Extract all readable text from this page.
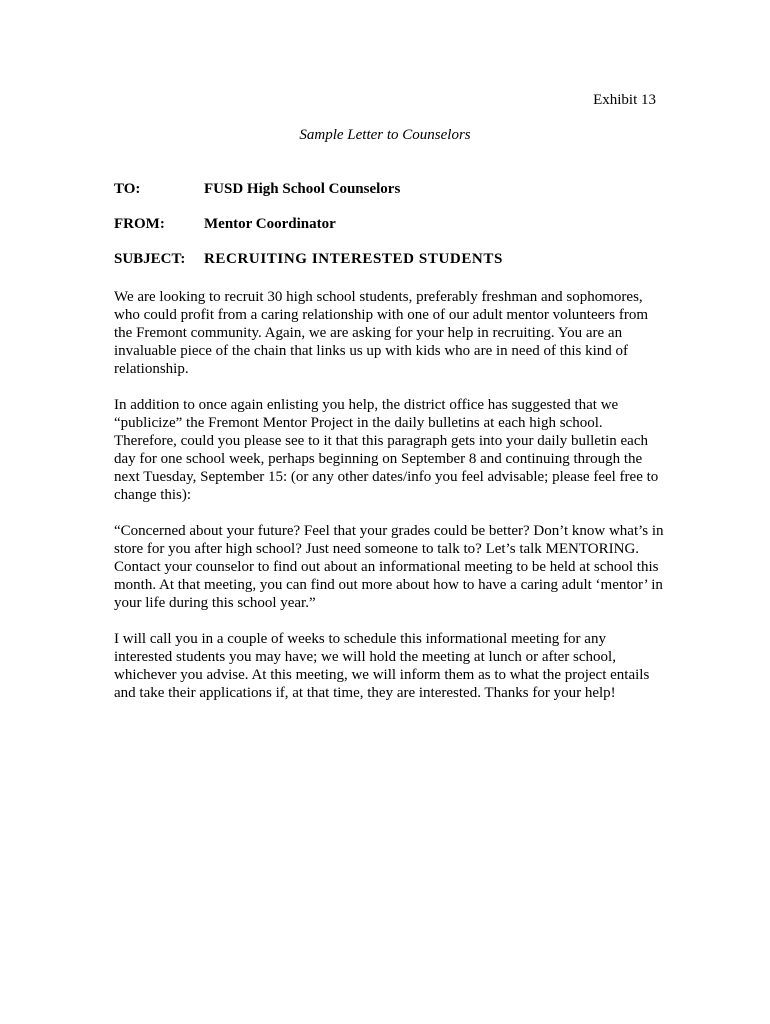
Exhibit 13
Sample Letter to Counselors
TO:	FUSD High School Counselors
FROM:	Mentor Coordinator
SUBJECT: RECRUITING INTERESTED STUDENTS

We are looking to recruit 30 high school students, preferably freshman and sophomores, who could profit from a caring relationship with one of our adult mentor volunteers from the Fremont community. Again, we are asking for your help in recruiting. You are an invaluable piece of the chain that links us up with kids who are in need of this kind of relationship.

In addition to once again enlisting you help, the district office has suggested that we “publicize” the Fremont Mentor Project in the daily bulletins at each high school. Therefore, could you please see to it that this paragraph gets into your daily bulletin each day for one school week, perhaps beginning on September 8 and continuing through the next Tuesday, September 15: (or any other dates/info you feel advisable; please feel free to change this):

“Concerned about your future? Feel that your grades could be better? Don’t know what’s in store for you after high school? Just need someone to talk to? Let’s talk MENTORING. Contact your counselor to find out about an informational meeting to be held at school this month. At that meeting, you can find out more about how to have a caring adult ‘mentor’ in your life during this school year.”

I will call you in a couple of weeks to schedule this informational meeting for any interested students you may have; we will hold the meeting at lunch or after school, whichever you advise. At this meeting, we will inform them as to what the project entails and take their applications if, at that time, they are interested. Thanks for your help!
